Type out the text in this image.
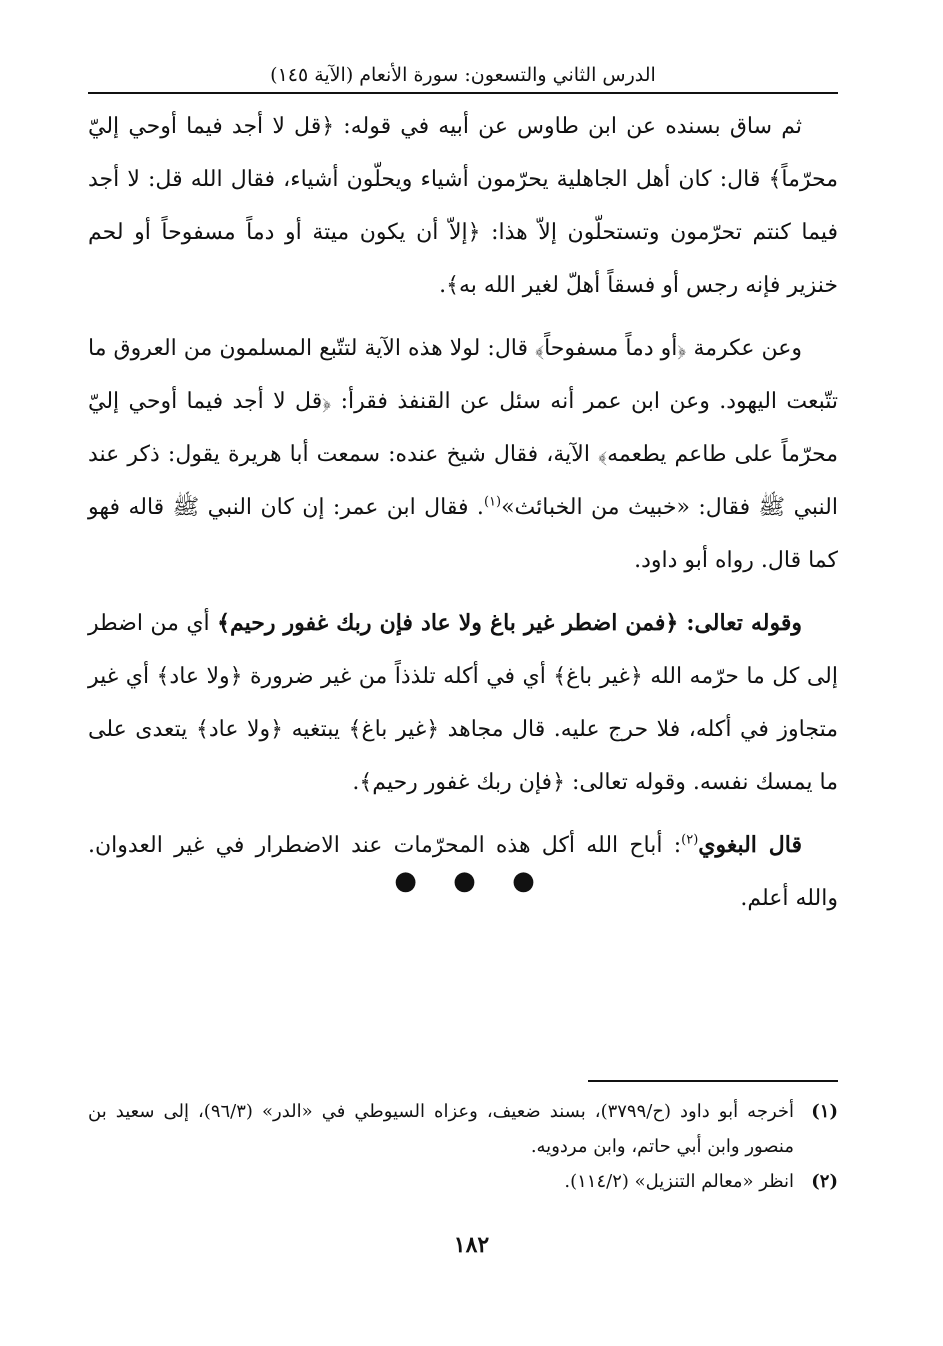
الدرس الثاني والتسعون: سورة الأنعام (الآية ١٤٥)

ثم ساق بسنده عن ابن طاوس عن أبيه في قوله: ﴿قل لا أجد فيما أوحي إليّ محرّماً﴾ قال: كان أهل الجاهلية يحرّمون أشياء ويحلّون أشياء، فقال الله قل: لا أجد فيما كنتم تحرّمون وتستحلّون إلاّ هذا: ﴿إلاّ أن يكون ميتة أو دماً مسفوحاً أو لحم خنزير فإنه رجس أو فسقاً أهلّ لغير الله به﴾.

وعن عكرمة ﴿أو دماً مسفوحاً﴾ قال: لولا هذه الآية لتتّبع المسلمون من العروق ما تتّبعت اليهود. وعن ابن عمر أنه سئل عن القنفذ فقرأ: ﴿قل لا أجد فيما أوحي إليّ محرّماً على طاعم يطعمه﴾ الآية، فقال شيخ عنده: سمعت أبا هريرة يقول: ذكر عند النبي ﷺ فقال: «خبيث من الخبائث»$^{(١)}$. فقال ابن عمر: إن كان النبي ﷺ قاله فهو كما قال. رواه أبو داود.

وقوله تعالى: ﴿فمن اضطر غير باغ ولا عاد فإن ربك غفور رحيم﴾ أي من اضطر إلى كل ما حرّمه الله ﴿غير باغ﴾ أي في أكله تلذذاً من غير ضرورة ﴿ولا عاد﴾ أي غير متجاوز في أكله، فلا حرج عليه. قال مجاهد ﴿غير باغ﴾ يبتغيه ﴿ولا عاد﴾ يتعدى على ما يمسك نفسه. وقوله تعالى: ﴿فإن ربك غفور رحيم﴾.

قال البغوي$^{(٢)}$: أباح الله أكل هذه المحرّمات عند الاضطرار في غير العدوان. والله أعلم.

● ● ●
(١)
أخرجه أبو داود (ح/٣٧٩٩)، بسند ضعيف، وعزاه السيوطي في «الدر» (٩٦/٣)، إلى سعيد بن منصور وابن أبي حاتم، وابن مردويه.
(٢)
انظر «معالم التنزيل» (١١٤/٢).
١٨٢
